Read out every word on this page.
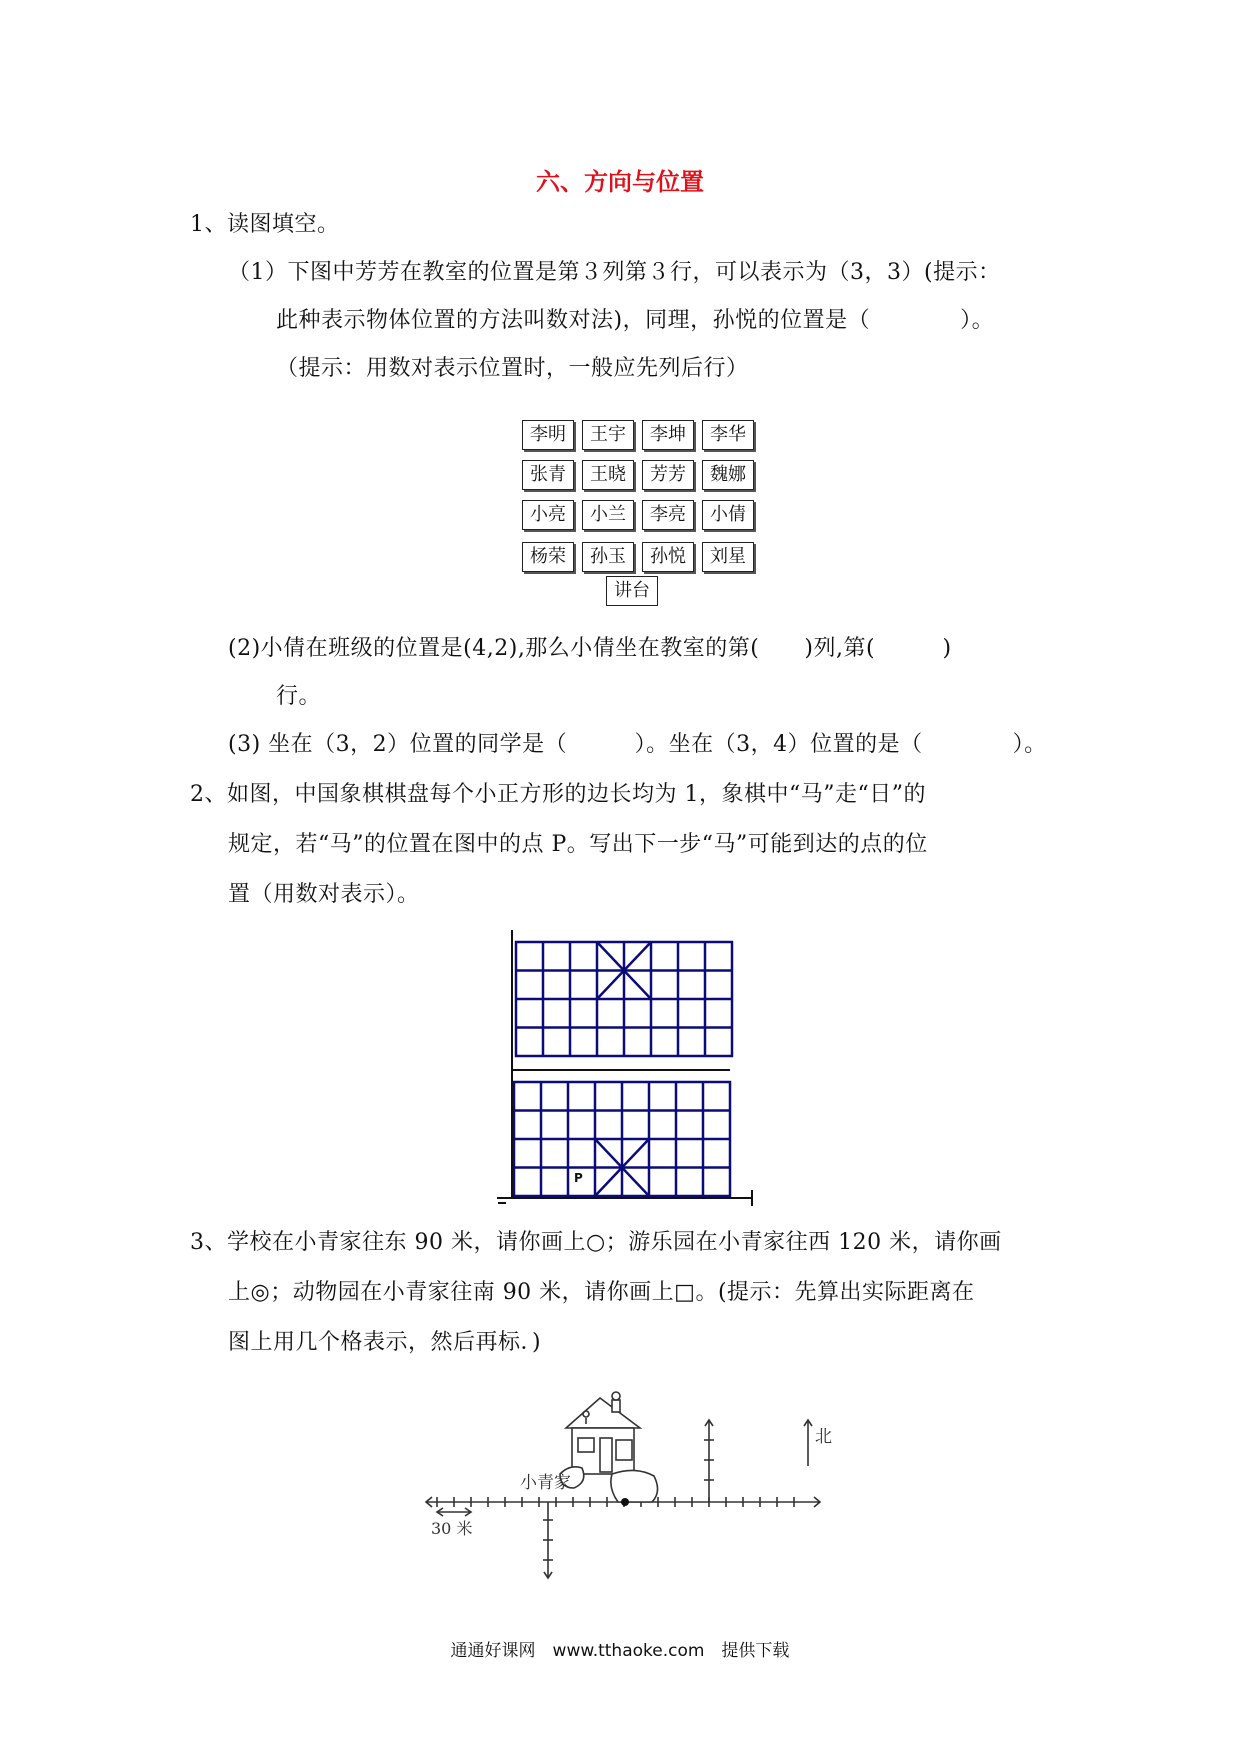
六、方向与位置
1、读图填空。
（1）下图中芳芳在教室的位置是第３列第３行，可以表示为（3，3）(提示：
此种表示物体位置的方法叫数对法)，同理，孙悦的位置是（　　　　）。
（提示：用数对表示位置时，一般应先列后行）
李明	王宇	李坤	李华
张青	王晓	芳芳	魏娜
小亮	小兰	李亮	小倩
杨荣	孙玉	孙悦	刘星
讲台
(2)小倩在班级的位置是(4,2),那么小倩坐在教室的第(　　)列,第(　　　)
行。
(3) 坐在（3，2）位置的同学是（　　　）。坐在（3，4）位置的是（　　　　）。
2、如图，中国象棋棋盘每个小正方形的边长均为 1，象棋中“马”走“日”的
规定，若“马”的位置在图中的点 P。写出下一步“马”可能到达的点的位
置（用数对表示）。
P
3、学校在小青家往东 90 米，请你画上○；游乐园在小青家往西 120 米，请你画
上◎；动物园在小青家往南 90 米，请你画上□。(提示：先算出实际距离在
图上用几个格表示，然后再标．)
小青家
30 米
北
通通好课网　www.tthaoke.com　提供下载
